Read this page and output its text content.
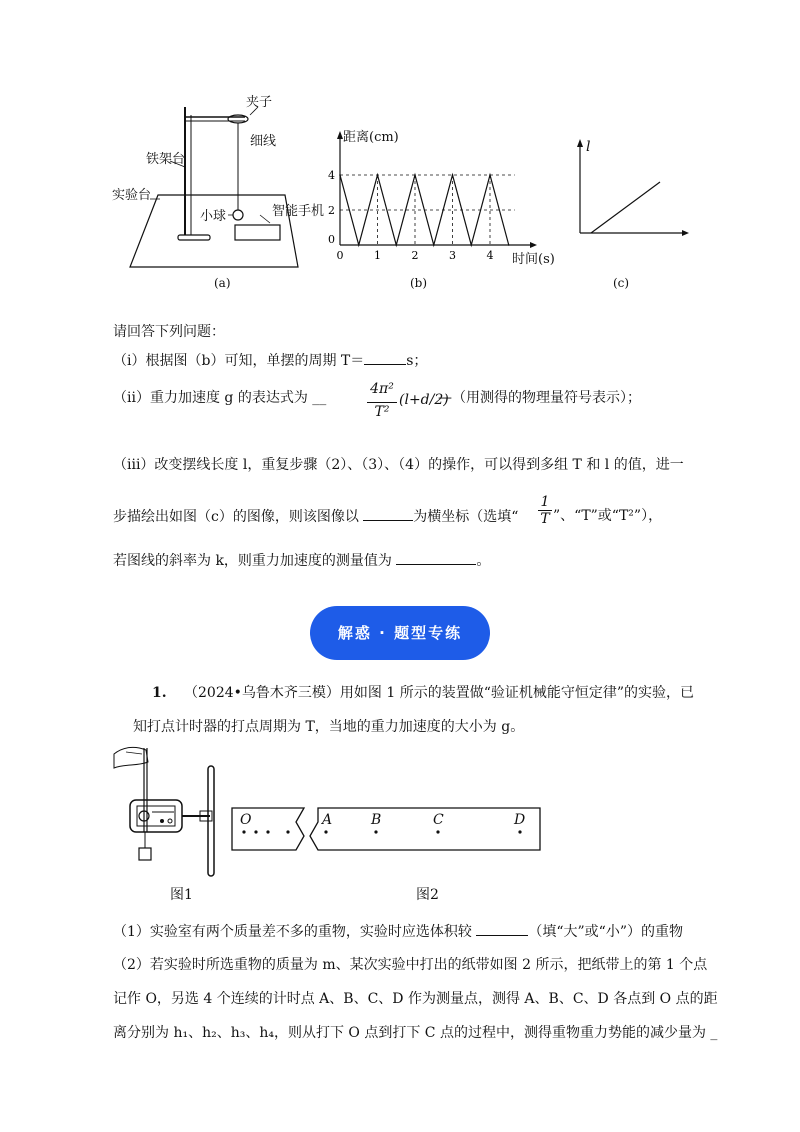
夹子
细线
铁架台
实验台
小球	智能手机
(a)
0	1	2	3	4
2
4
0
距离(cm)
时间(s)
(b)
l
(c)
请回答下列问题：
（i）根据图（b）可知，单摆的周期 T＝	s；
（ii）重力加速度 g 的表达式为 __
4π²
T²
(l+d/2)
—（用测得的物理量符号表示）；
（iii）改变摆线长度 l，重复步骤（2）、（3）、（4）的操作，可以得到多组 T 和 l 的值，进一
步描绘出如图（c）的图像，则该图像以	为横坐标（选填“
1
T ”、“T”或“T²”），
若图线的斜率为 k，则重力加速度的测量值为	。
解惑 · 题型专练
1. （2024•乌鲁木齐三模）用如图 1 所示的装置做“验证机械能守恒定律”的实验，已
知打点计时器的打点周期为 T，当地的重力加速度的大小为 g。
图1
O	A	B	C	D
图2
（1）实验室有两个质量差不多的重物，实验时应选体积较	（填“大”或“小”）的重物
（2）若实验时所选重物的质量为 m、某次实验中打出的纸带如图 2 所示，把纸带上的第 1 个点
记作 O，另选 4 个连续的计时点 A、B、C、D 作为测量点，测得 A、B、C、D 各点到 O 点的距
离分别为 h₁、h₂、h₃、h₄，则从打下 O 点到打下 C 点的过程中，测得重物重力势能的减少量为 _
